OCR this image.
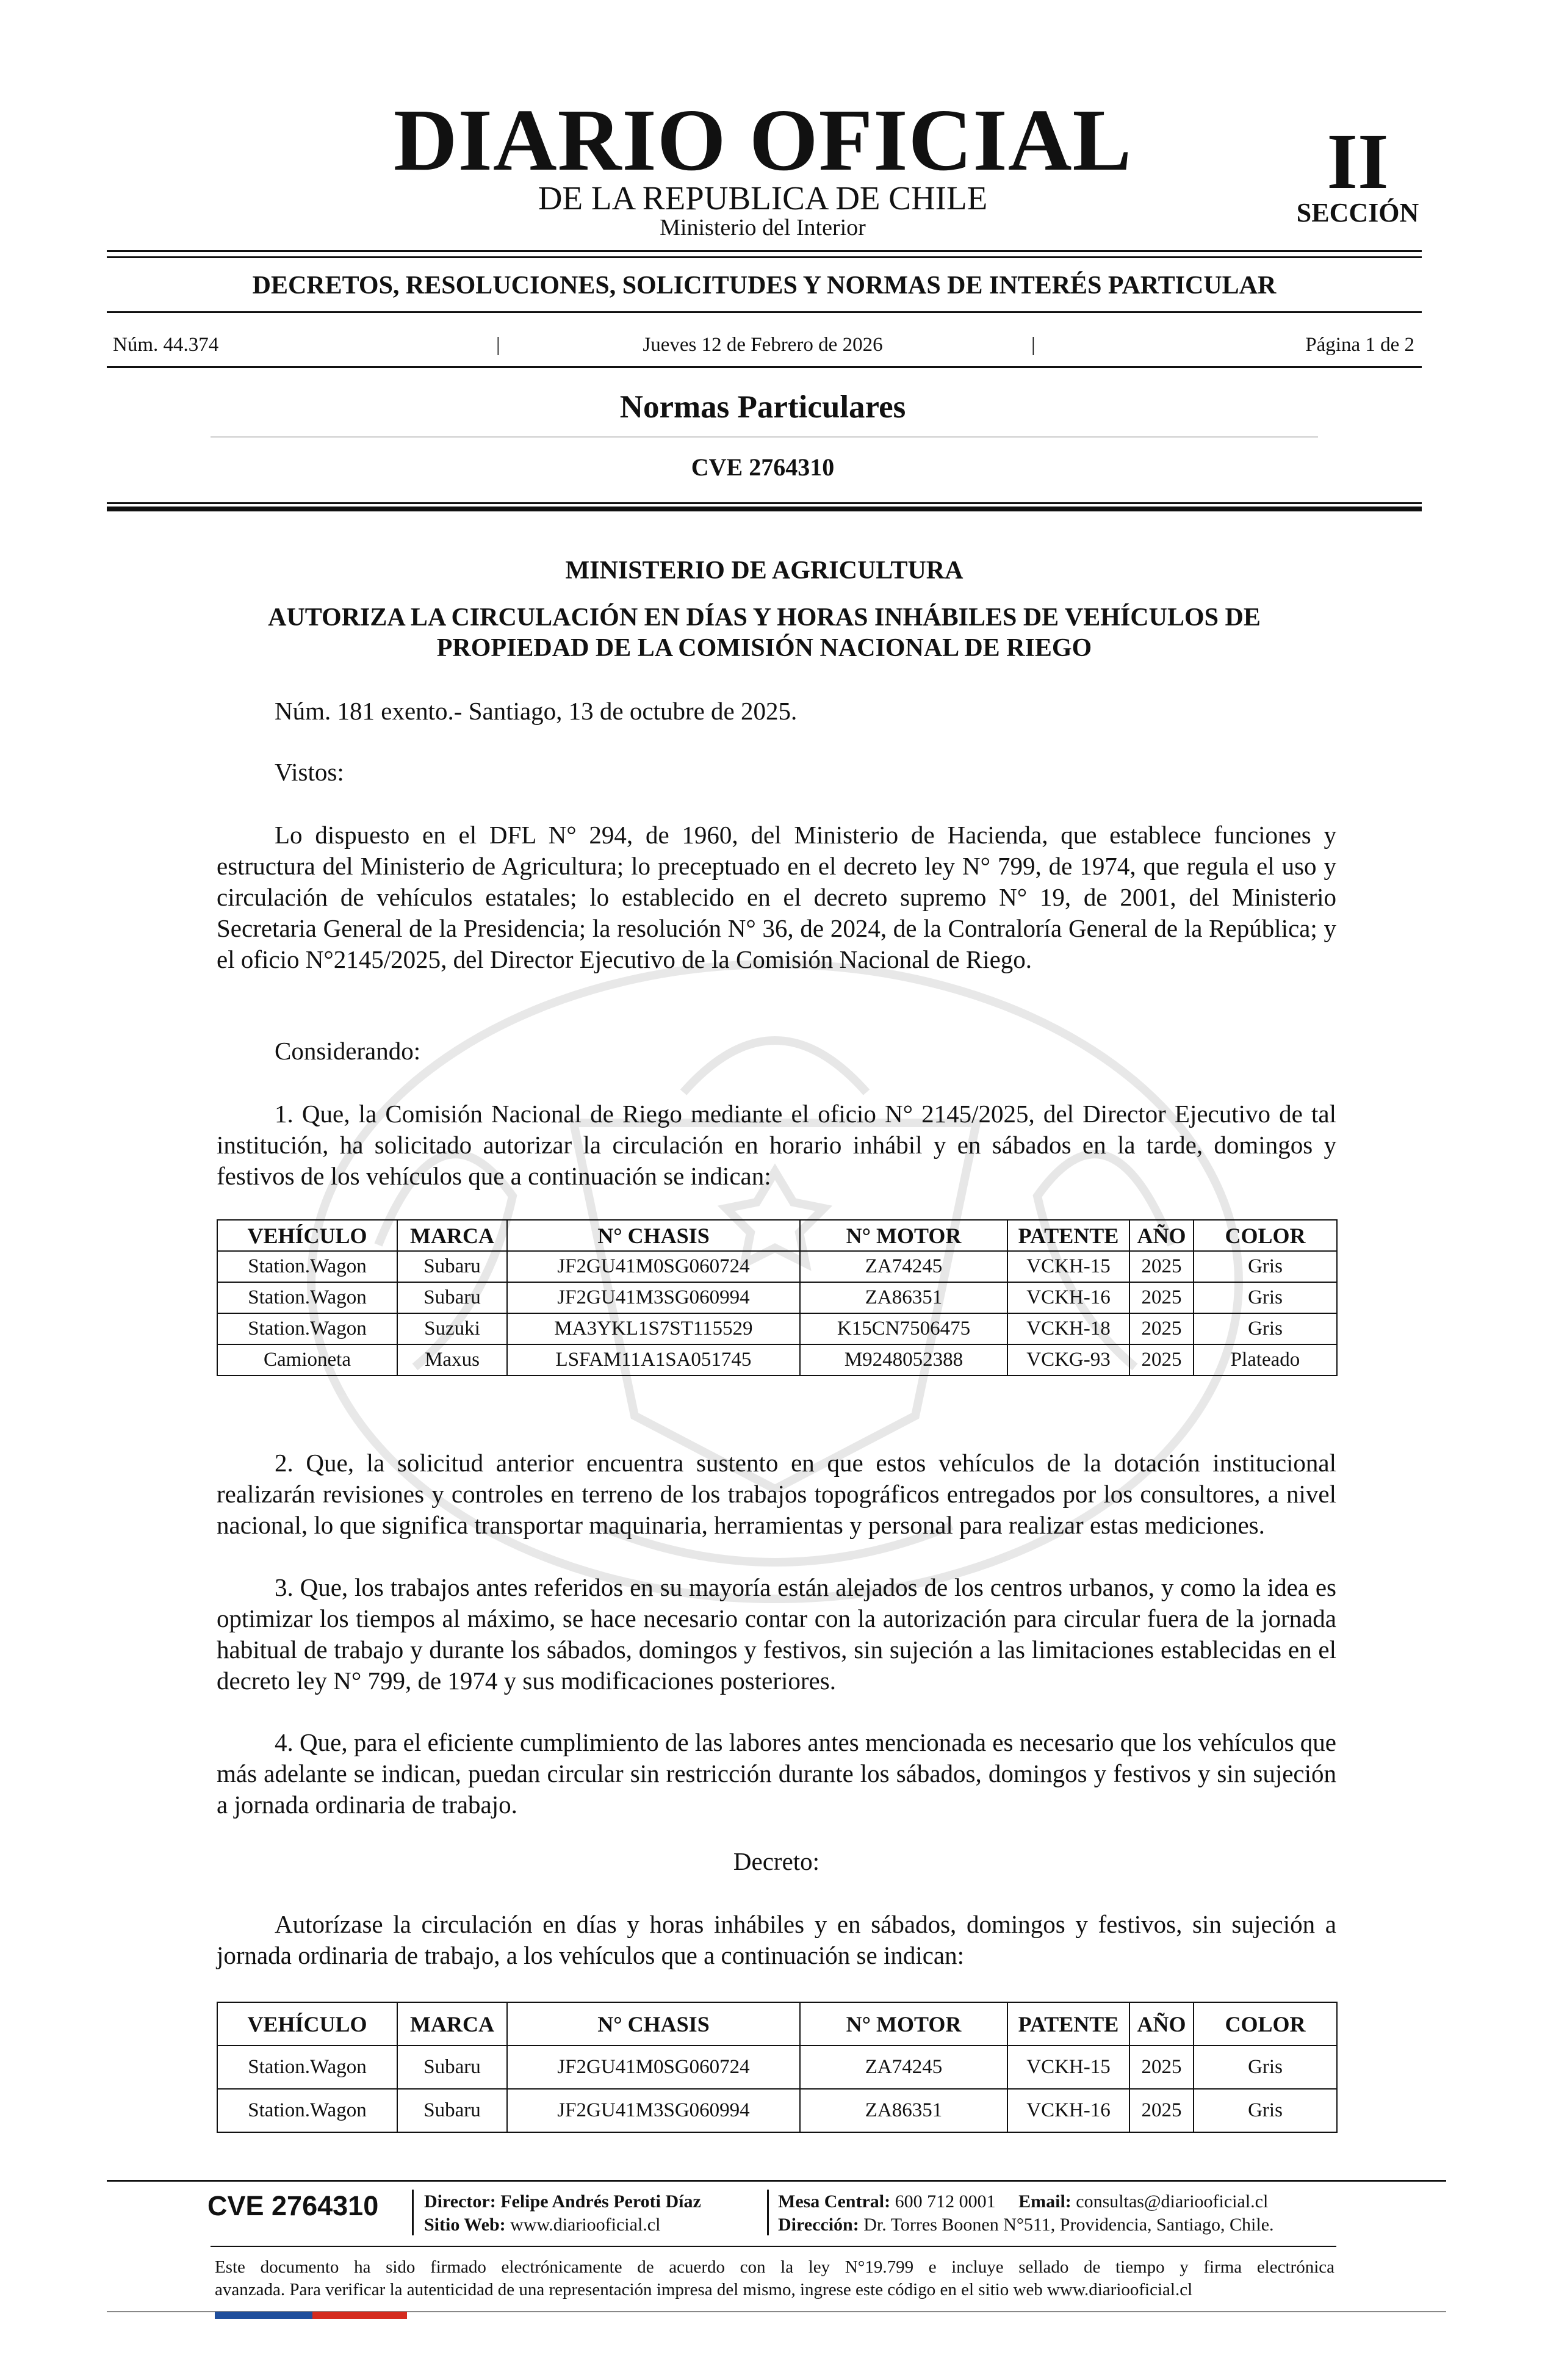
DIARIO OFICIAL
DE LA REPUBLICA DE CHILE
Ministerio del Interior
II
SECCIÓN
DECRETOS, RESOLUCIONES, SOLICITUDES Y NORMAS DE INTERÉS PARTICULAR
Núm. 44.374	|	Jueves 12 de Febrero de 2026	|	Página 1 de 2
Normas Particulares
CVE 2764310
MINISTERIO DE AGRICULTURA
AUTORIZA LA CIRCULACIÓN EN DÍAS Y HORAS INHÁBILES DE VEHÍCULOS DE
PROPIEDAD DE LA COMISIÓN NACIONAL DE RIEGO
Núm. 181 exento.- Santiago, 13 de octubre de 2025.
Vistos:

Lo dispuesto en el DFL N° 294, de 1960, del Ministerio de Hacienda, que establece funciones y estructura del Ministerio de Agricultura; lo preceptuado en el decreto ley N° 799, de 1974, que regula el uso y circulación de vehículos estatales; lo establecido en el decreto supremo N° 19, de 2001, del Ministerio Secretaria General de la Presidencia; la resolución N° 36, de 2024, de la Contraloría General de la República; y el oficio N°2145/2025, del Director Ejecutivo de la Comisión Nacional de Riego.

Considerando:

1. Que, la Comisión Nacional de Riego mediante el oficio N° 2145/2025, del Director Ejecutivo de tal institución, ha solicitado autorizar la circulación en horario inhábil y en sábados en la tarde, domingos y festivos de los vehículos que a continuación se indican:

VEHÍCULO	MARCA	N° CHASIS	N° MOTOR	PATENTE	AÑO	COLOR
Station.Wagon	Subaru	JF2GU41M0SG060724	ZA74245	VCKH-15	2025	Gris
Station.Wagon	Subaru	JF2GU41M3SG060994	ZA86351	VCKH-16	2025	Gris
Station.Wagon	Suzuki	MA3YKL1S7ST115529	K15CN7506475	VCKH-18	2025	Gris
Camioneta	Maxus	LSFAM11A1SA051745	M9248052388	VCKG-93	2025	Plateado

2. Que, la solicitud anterior encuentra sustento en que estos vehículos de la dotación institucional realizarán revisiones y controles en terreno de los trabajos topográficos entregados por los consultores, a nivel nacional, lo que significa transportar maquinaria, herramientas y personal para realizar estas mediciones.

3. Que, los trabajos antes referidos en su mayoría están alejados de los centros urbanos, y como la idea es optimizar los tiempos al máximo, se hace necesario contar con la autorización para circular fuera de la jornada habitual de trabajo y durante los sábados, domingos y festivos, sin sujeción a las limitaciones establecidas en el decreto ley N° 799, de 1974 y sus modificaciones posteriores.

4. Que, para el eficiente cumplimiento de las labores antes mencionada es necesario que los vehículos que más adelante se indican, puedan circular sin restricción durante los sábados, domingos y festivos y sin sujeción a jornada ordinaria de trabajo.

Decreto:

Autorízase la circulación en días y horas inhábiles y en sábados, domingos y festivos, sin sujeción a jornada ordinaria de trabajo, a los vehículos que a continuación se indican:

VEHÍCULO	MARCA	N° CHASIS	N° MOTOR	PATENTE	AÑO	COLOR
Station.Wagon	Subaru	JF2GU41M0SG060724	ZA74245	VCKH-15	2025	Gris
Station.Wagon	Subaru	JF2GU41M3SG060994	ZA86351	VCKH-16	2025	Gris
CVE 2764310 Director: Felipe Andrés Peroti Díaz
Sitio Web: www.diariooficial.cl
Mesa Central: 600 712 0001 Email: consultas@diariooficial.cl
Dirección: Dr. Torres Boonen N°511, Providencia, Santiago, Chile.
Este documento ha sido firmado electrónicamente de acuerdo con la ley N°19.799 e incluye sellado de tiempo y firma electrónica
avanzada. Para verificar la autenticidad de una representación impresa del mismo, ingrese este código en el sitio web www.diariooficial.cl
